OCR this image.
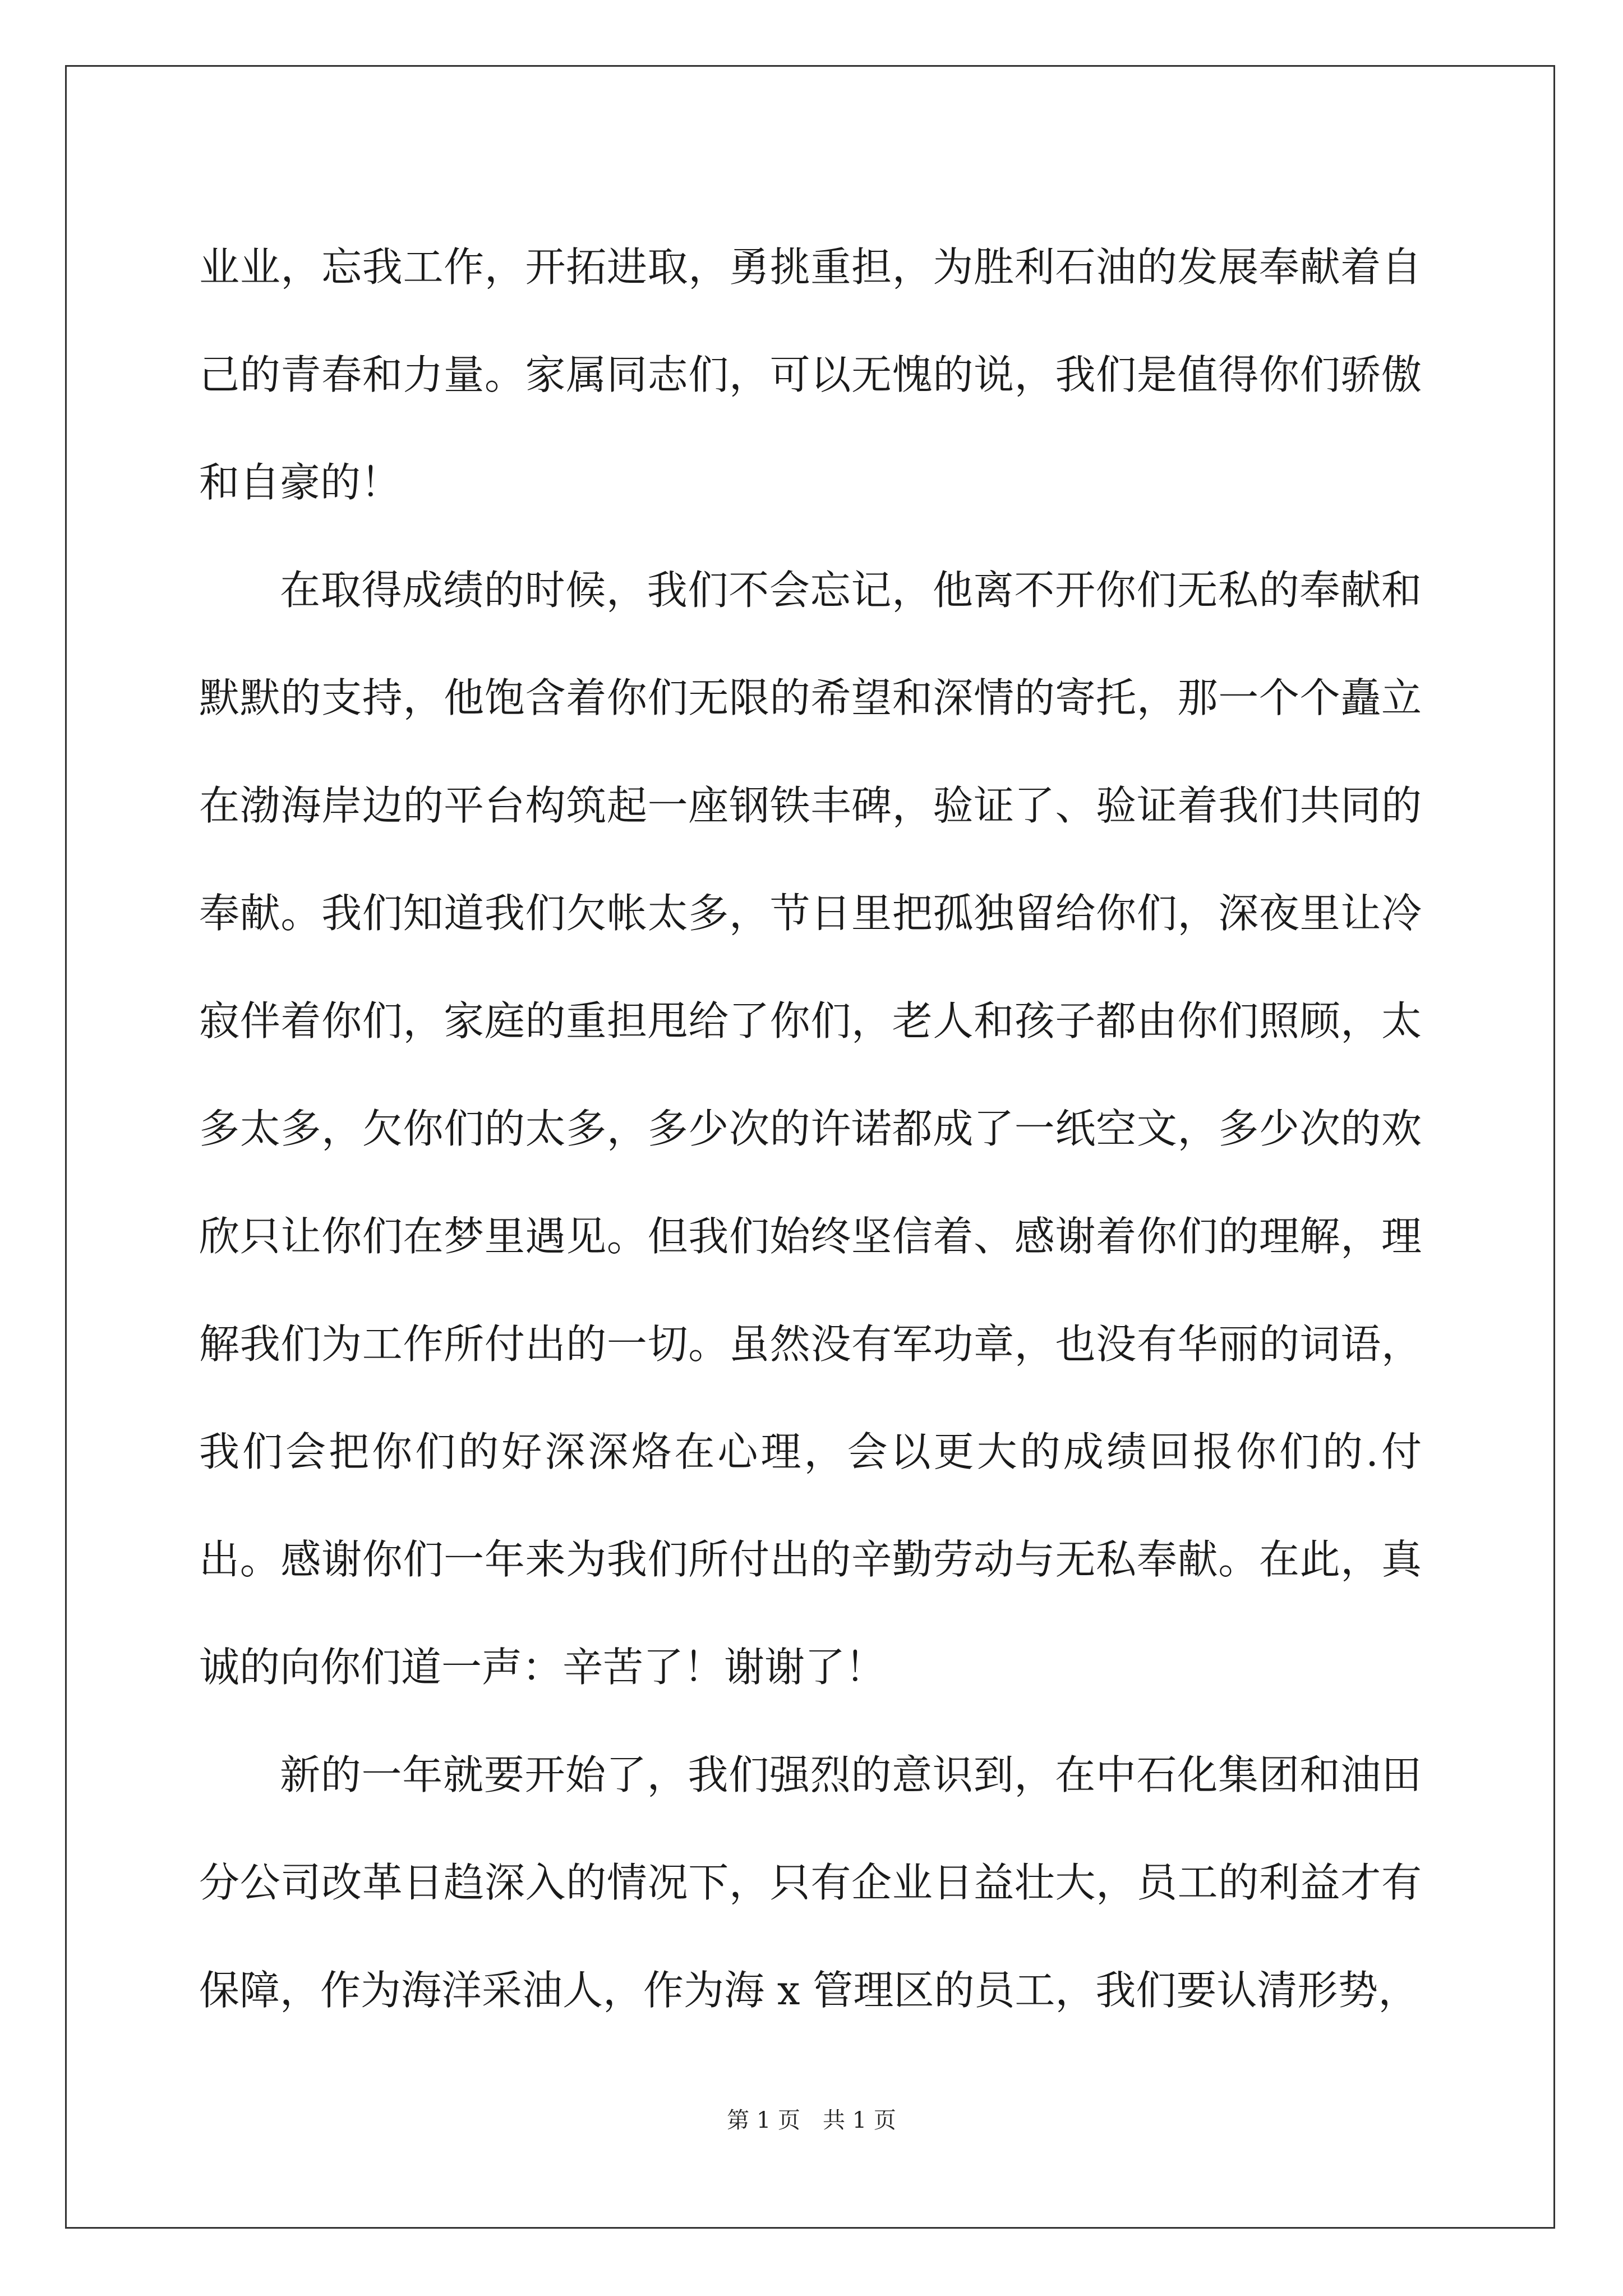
业业，忘我工作，开拓进取，勇挑重担，为胜利石油的发展奉献着自己的青春和力量。家属同志们，可以无愧的说，我们是值得你们骄傲和自豪的！

在取得成绩的时候，我们不会忘记，他离不开你们无私的奉献和默默的支持，他饱含着你们无限的希望和深情的寄托，那一个个矗立在渤海岸边的平台构筑起一座钢铁丰碑，验证了、验证着我们共同的奉献。我们知道我们欠帐太多，节日里把孤独留给你们，深夜里让冷寂伴着你们，家庭的重担甩给了你们，老人和孩子都由你们照顾，太多太多，欠你们的太多，多少次的许诺都成了一纸空文，多少次的欢欣只让你们在梦里遇见。但我们始终坚信着、感谢着你们的理解，理解我们为工作所付出的一切。虽然没有军功章，也没有华丽的词语，我们会把你们的好深深烙在心理，会以更大的成绩回报你们的.付出。感谢你们一年来为我们所付出的辛勤劳动与无私奉献。在此，真诚的向你们道一声：辛苦了！谢谢了！

新的一年就要开始了，我们强烈的意识到，在中石化集团和油田分公司改革日趋深入的情况下，只有企业日益壮大，员工的利益才有保障，作为海洋采油人，作为海 x 管理区的员工，我们要认清形势，

第 1 页 共 1 页
